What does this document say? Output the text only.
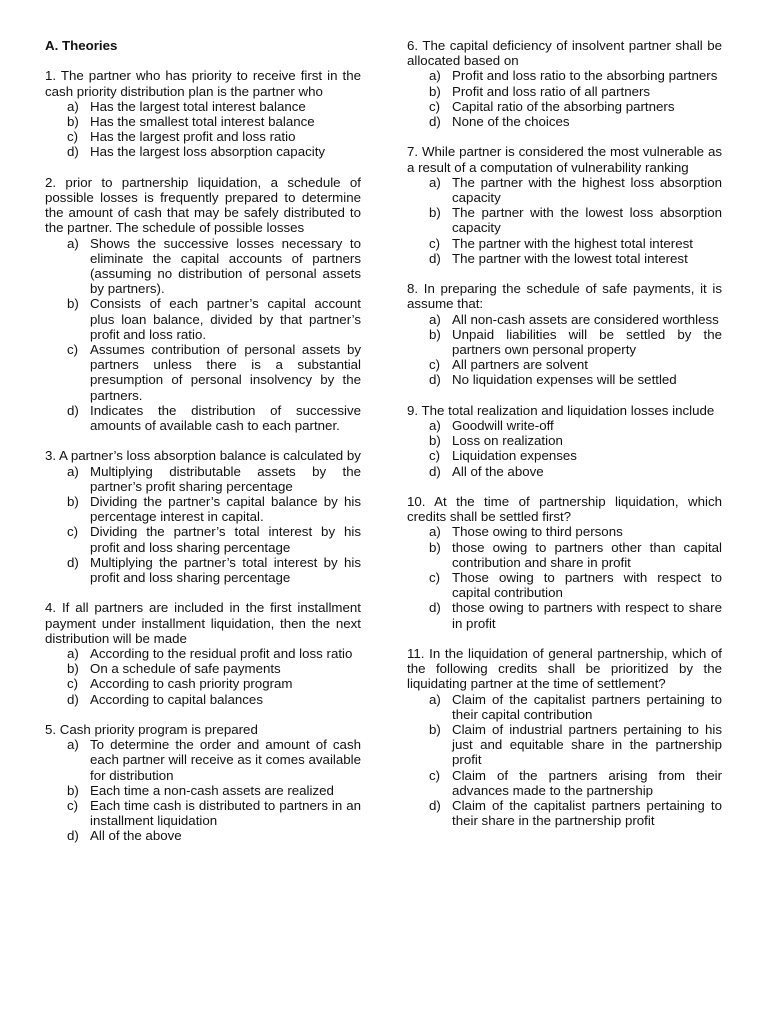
A. Theories
1. The partner who has priority to receive first in the cash priority distribution plan is the partner who
a) Has the largest total interest balance
b) Has the smallest total interest balance
c) Has the largest profit and loss ratio
d) Has the largest loss absorption capacity
2. prior to partnership liquidation, a schedule of possible losses is frequently prepared to determine the amount of cash that may be safely distributed to the partner. The schedule of possible losses
a) Shows the successive losses necessary to eliminate the capital accounts of partners (assuming no distribution of personal assets by partners).
b) Consists of each partner’s capital account plus loan balance, divided by that partner’s profit and loss ratio.
c) Assumes contribution of personal assets by partners unless there is a substantial presumption of personal insolvency by the partners.
d) Indicates the distribution of successive amounts of available cash to each partner.
3. A partner’s loss absorption balance is calculated by
a) Multiplying distributable assets by the partner’s profit sharing percentage
b) Dividing the partner’s capital balance by his percentage interest in capital.
c) Dividing the partner’s total interest by his profit and loss sharing percentage
d) Multiplying the partner’s total interest by his profit and loss sharing percentage
4. If all partners are included in the first installment payment under installment liquidation, then the next distribution will be made
a) According to the residual profit and loss ratio
b) On a schedule of safe payments
c) According to cash priority program
d) According to capital balances
5. Cash priority program is prepared
a) To determine the order and amount of cash each partner will receive as it comes available for distribution
b) Each time a non-cash assets are realized
c) Each time cash is distributed to partners in an installment liquidation
d) All of the above
6. The capital deficiency of insolvent partner shall be allocated based on
a) Profit and loss ratio to the absorbing partners
b) Profit and loss ratio of all partners
c) Capital ratio of the absorbing partners
d) None of the choices
7. While partner is considered the most vulnerable as a result of a computation of vulnerability ranking
a) The partner with the highest loss absorption capacity
b) The partner with the lowest loss absorption capacity
c) The partner with the highest total interest
d) The partner with the lowest total interest
8. In preparing the schedule of safe payments, it is assume that:
a) All non-cash assets are considered worthless
b) Unpaid liabilities will be settled by the partners own personal property
c) All partners are solvent
d) No liquidation expenses will be settled
9. The total realization and liquidation losses include
a) Goodwill write-off
b) Loss on realization
c) Liquidation expenses
d) All of the above
10. At the time of partnership liquidation, which credits shall be settled first?
a) Those owing to third persons
b) those owing to partners other than capital contribution and share in profit
c) Those owing to partners with respect to capital contribution
d) those owing to partners with respect to share in profit
11. In the liquidation of general partnership, which of the following credits shall be prioritized by the liquidating partner at the time of settlement?
a) Claim of the capitalist partners pertaining to their capital contribution
b) Claim of industrial partners pertaining to his just and equitable share in the partnership profit
c) Claim of the partners arising from their advances made to the partnership
d) Claim of the capitalist partners pertaining to their share in the partnership profit
